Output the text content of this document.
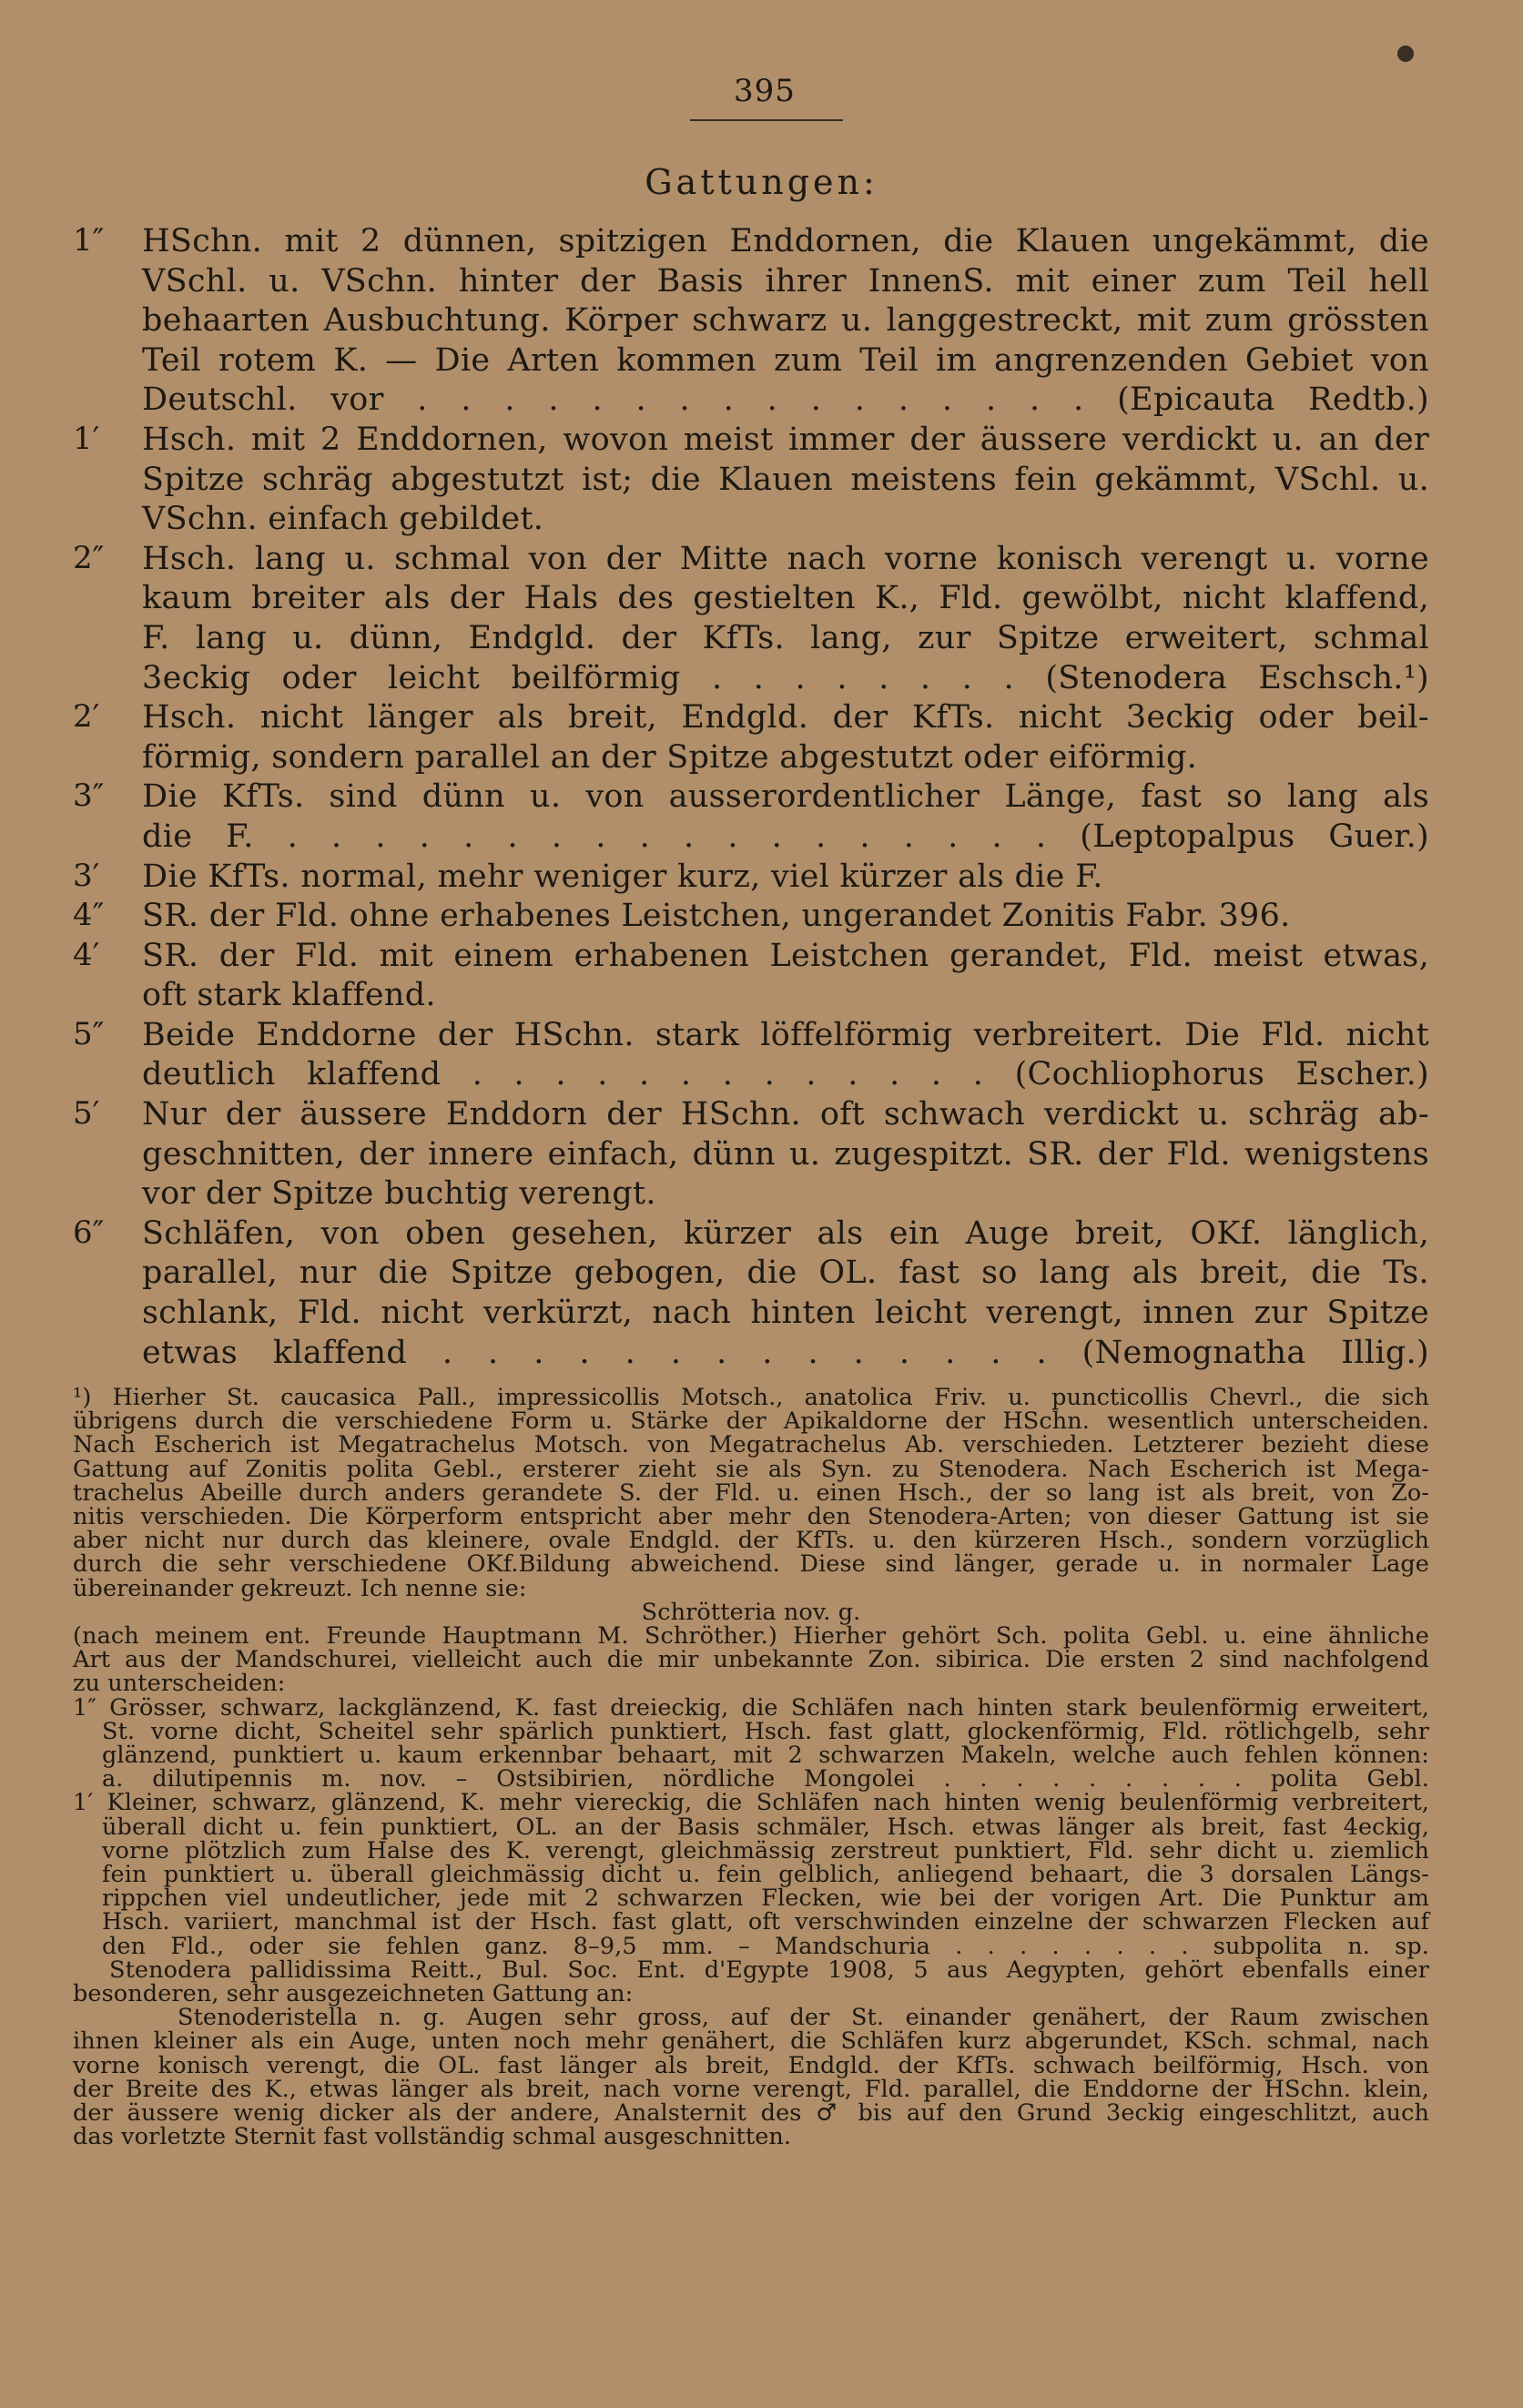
395
Gattungen:
1″ HSchn. mit 2 dünnen, spitzigen Enddornen, die Klauen ungekämmt, die
VSchl. u. VSchn. hinter der Basis ihrer InnenS. mit einer zum Teil hell
behaarten Ausbuchtung. Körper schwarz u. langgestreckt, mit zum grössten
Teil rotem K. — Die Arten kommen zum Teil im angrenzenden Gebiet von
Deutschl. vor . . . . . . . . . . . . . . . . (Epicauta Redtb.)
1′ Hsch. mit 2 Enddornen, wovon meist immer der äussere verdickt u. an der
Spitze schräg abgestutzt ist; die Klauen meistens fein gekämmt, VSchl. u.
VSchn. einfach gebildet.
2″ Hsch. lang u. schmal von der Mitte nach vorne konisch verengt u. vorne
kaum breiter als der Hals des gestielten K., Fld. gewölbt, nicht klaffend,
F. lang u. dünn, Endgld. der KfTs. lang, zur Spitze erweitert, schmal
3eckig oder leicht beilförmig . . . . . . . . (Stenodera Eschsch.¹)
2′ Hsch. nicht länger als breit, Endgld. der KfTs. nicht 3eckig oder beil-
förmig, sondern parallel an der Spitze abgestutzt oder eiförmig.
3″ Die KfTs. sind dünn u. von ausserordentlicher Länge, fast so lang als
die F. . . . . . . . . . . . . . . . . . . (Leptopalpus Guer.)
3′ Die KfTs. normal, mehr weniger kurz, viel kürzer als die F.
4″ SR. der Fld. ohne erhabenes Leistchen, ungerandet Zonitis Fabr. 396.
4′ SR. der Fld. mit einem erhabenen Leistchen gerandet, Fld. meist etwas,
oft stark klaffend.
5″ Beide Enddorne der HSchn. stark löffelförmig verbreitert. Die Fld. nicht
deutlich klaffend . . . . . . . . . . . . . (Cochliophorus Escher.)
5′ Nur der äussere Enddorn der HSchn. oft schwach verdickt u. schräg ab-
geschnitten, der innere einfach, dünn u. zugespitzt. SR. der Fld. wenigstens
vor der Spitze buchtig verengt.
6″ Schläfen, von oben gesehen, kürzer als ein Auge breit, OKf. länglich,
parallel, nur die Spitze gebogen, die OL. fast so lang als breit, die Ts.
schlank, Fld. nicht verkürzt, nach hinten leicht verengt, innen zur Spitze
etwas klaffend . . . . . . . . . . . . . . (Nemognatha Illig.)
¹) Hierher St. caucasica Pall., impressicollis Motsch., anatolica Friv. u. puncticollis Chevrl., die sich
übrigens durch die verschiedene Form u. Stärke der Apikaldorne der HSchn. wesentlich unterscheiden.
Nach Escherich ist Megatrachelus Motsch. von Megatrachelus Ab. verschieden. Letzterer bezieht diese
Gattung auf Zonitis polita Gebl., ersterer zieht sie als Syn. zu Stenodera. Nach Escherich ist Mega-
trachelus Abeille durch anders gerandete S. der Fld. u. einen Hsch., der so lang ist als breit, von Zo-
nitis verschieden. Die Körperform entspricht aber mehr den Stenodera-Arten; von dieser Gattung ist sie
aber nicht nur durch das kleinere, ovale Endgld. der KfTs. u. den kürzeren Hsch., sondern vorzüglich
durch die sehr verschiedene OKf.Bildung abweichend. Diese sind länger, gerade u. in normaler Lage
übereinander gekreuzt. Ich nenne sie:
Schrötteria nov. g.
(nach meinem ent. Freunde Hauptmann M. Schröther.) Hierher gehört Sch. polita Gebl. u. eine ähnliche
Art aus der Mandschurei, vielleicht auch die mir unbekannte Zon. sibirica. Die ersten 2 sind nachfolgend
zu unterscheiden:
1″ Grösser, schwarz, lackglänzend, K. fast dreieckig, die Schläfen nach hinten stark beulenförmig erweitert,
St. vorne dicht, Scheitel sehr spärlich punktiert, Hsch. fast glatt, glockenförmig, Fld. rötlichgelb, sehr
glänzend, punktiert u. kaum erkennbar behaart, mit 2 schwarzen Makeln, welche auch fehlen können:
a. dilutipennis m. nov. – Ostsibirien, nördliche Mongolei . . . . . . . . . polita Gebl.
1′ Kleiner, schwarz, glänzend, K. mehr viereckig, die Schläfen nach hinten wenig beulenförmig verbreitert,
überall dicht u. fein punktiert, OL. an der Basis schmäler, Hsch. etwas länger als breit, fast 4eckig,
vorne plötzlich zum Halse des K. verengt, gleichmässig zerstreut punktiert, Fld. sehr dicht u. ziemlich
fein punktiert u. überall gleichmässig dicht u. fein gelblich, anliegend behaart, die 3 dorsalen Längs-
rippchen viel undeutlicher, jede mit 2 schwarzen Flecken, wie bei der vorigen Art. Die Punktur am
Hsch. variiert, manchmal ist der Hsch. fast glatt, oft verschwinden einzelne der schwarzen Flecken auf
den Fld., oder sie fehlen ganz. 8–9,5 mm. – Mandschuria . . . . . . . . subpolita n. sp.
Stenodera pallidissima Reitt., Bul. Soc. Ent. d'Egypte 1908, 5 aus Aegypten, gehört ebenfalls einer
besonderen, sehr ausgezeichneten Gattung an:
Stenoderistella n. g. Augen sehr gross, auf der St. einander genähert, der Raum zwischen
ihnen kleiner als ein Auge, unten noch mehr genähert, die Schläfen kurz abgerundet, KSch. schmal, nach
vorne konisch verengt, die OL. fast länger als breit, Endgld. der KfTs. schwach beilförmig, Hsch. von
der Breite des K., etwas länger als breit, nach vorne verengt, Fld. parallel, die Enddorne der HSchn. klein,
der äussere wenig dicker als der andere, Analsternit des ♂ bis auf den Grund 3eckig eingeschlitzt, auch
das vorletzte Sternit fast vollständig schmal ausgeschnitten.
